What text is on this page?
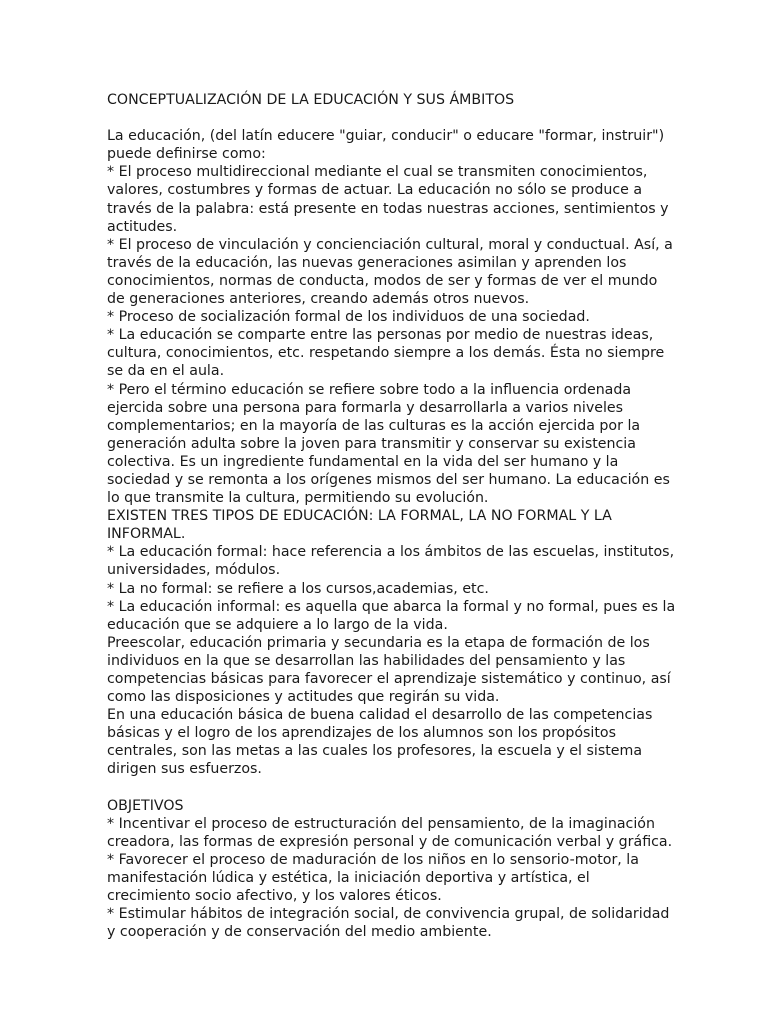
CONCEPTUALIZACIÓN DE LA EDUCACIÓN Y SUS ÁMBITOS
La educación, (del latín educere "guiar, conducir" o educare "formar, instruir")
puede definirse como:
* El proceso multidireccional mediante el cual se transmiten conocimientos,
valores, costumbres y formas de actuar. La educación no sólo se produce a
través de la palabra: está presente en todas nuestras acciones, sentimientos y
actitudes.
* El proceso de vinculación y concienciación cultural, moral y conductual. Así, a
través de la educación, las nuevas generaciones asimilan y aprenden los
conocimientos, normas de conducta, modos de ser y formas de ver el mundo
de generaciones anteriores, creando además otros nuevos.
* Proceso de socialización formal de los individuos de una sociedad.
* La educación se comparte entre las personas por medio de nuestras ideas,
cultura, conocimientos, etc. respetando siempre a los demás. Ésta no siempre
se da en el aula.
* Pero el término educación se refiere sobre todo a la influencia ordenada
ejercida sobre una persona para formarla y desarrollarla a varios niveles
complementarios; en la mayoría de las culturas es la acción ejercida por la
generación adulta sobre la joven para transmitir y conservar su existencia
colectiva. Es un ingrediente fundamental en la vida del ser humano y la
sociedad y se remonta a los orígenes mismos del ser humano. La educación es
lo que transmite la cultura, permitiendo su evolución.
EXISTEN TRES TIPOS DE EDUCACIÓN: LA FORMAL, LA NO FORMAL Y LA
INFORMAL.
* La educación formal: hace referencia a los ámbitos de las escuelas, institutos,
universidades, módulos.
* La no formal: se refiere a los cursos,academias, etc.
* La educación informal: es aquella que abarca la formal y no formal, pues es la
educación que se adquiere a lo largo de la vida.
Preescolar, educación primaria y secundaria es la etapa de formación de los
individuos en la que se desarrollan las habilidades del pensamiento y las
competencias básicas para favorecer el aprendizaje sistemático y continuo, así
como las disposiciones y actitudes que regirán su vida.
En una educación básica de buena calidad el desarrollo de las competencias
básicas y el logro de los aprendizajes de los alumnos son los propósitos
centrales, son las metas a las cuales los profesores, la escuela y el sistema
dirigen sus esfuerzos.
OBJETIVOS
* Incentivar el proceso de estructuración del pensamiento, de la imaginación
creadora, las formas de expresión personal y de comunicación verbal y gráfica.
* Favorecer el proceso de maduración de los niños en lo sensorio-motor, la
manifestación lúdica y estética, la iniciación deportiva y artística, el
crecimiento socio afectivo, y los valores éticos.
* Estimular hábitos de integración social, de convivencia grupal, de solidaridad
y cooperación y de conservación del medio ambiente.
